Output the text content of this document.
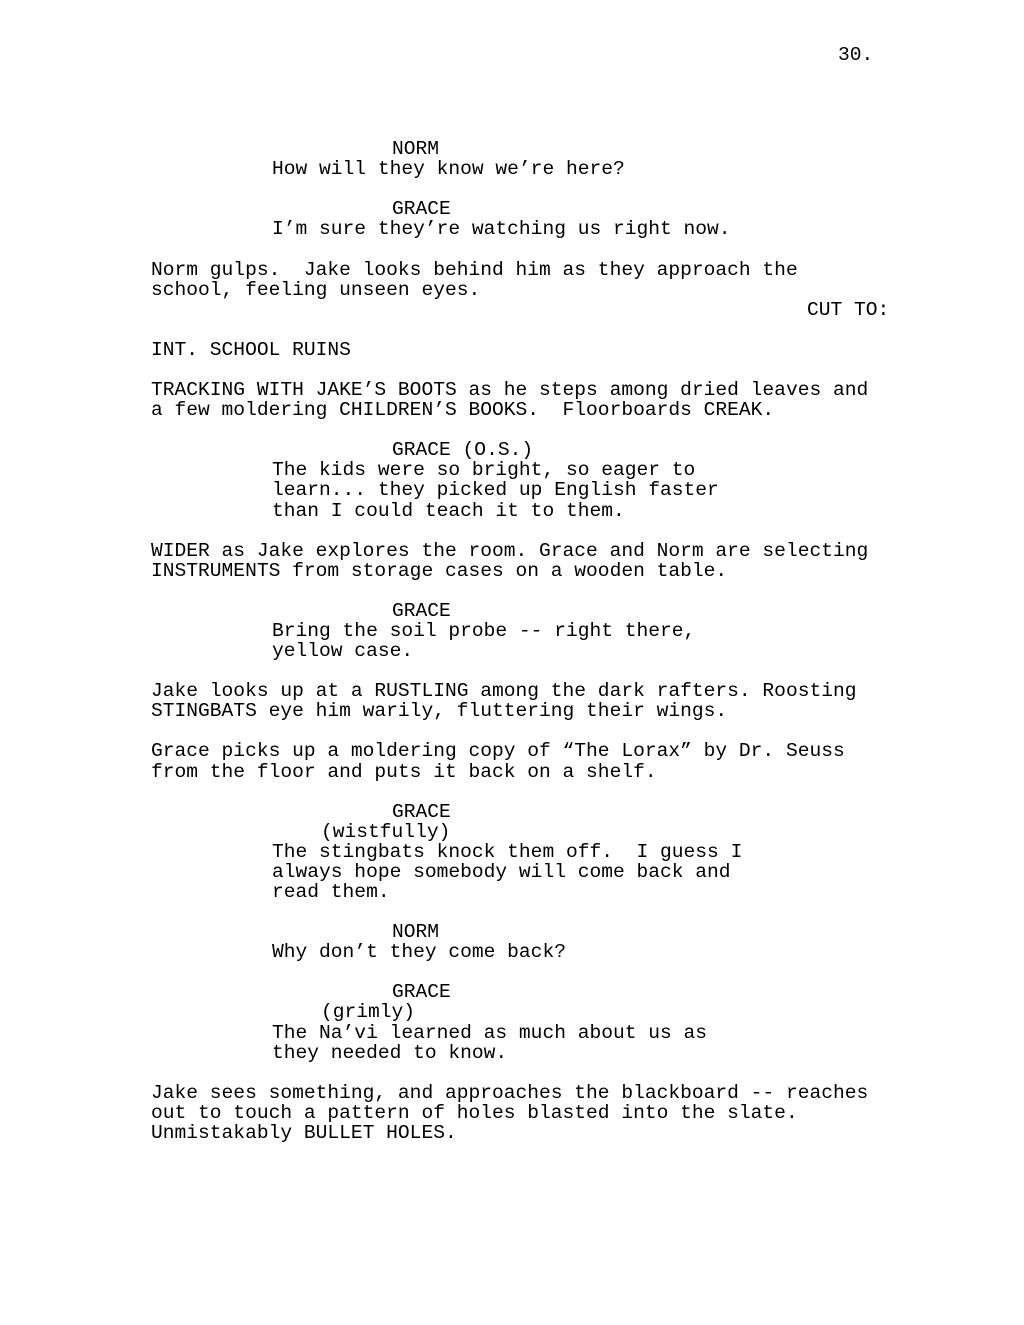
30.
NORM
How will they know we’re here?
GRACE
I’m sure they’re watching us right now.
Norm gulps.  Jake looks behind him as they approach the
school, feeling unseen eyes.
CUT TO:
INT. SCHOOL RUINS
TRACKING WITH JAKE’S BOOTS as he steps among dried leaves and
a few moldering CHILDREN’S BOOKS.  Floorboards CREAK.
GRACE (O.S.)
The kids were so bright, so eager to
learn... they picked up English faster
than I could teach it to them.
WIDER as Jake explores the room. Grace and Norm are selecting
INSTRUMENTS from storage cases on a wooden table.
GRACE
Bring the soil probe -- right there,
yellow case.
Jake looks up at a RUSTLING among the dark rafters. Roosting
STINGBATS eye him warily, fluttering their wings.
Grace picks up a moldering copy of “The Lorax” by Dr. Seuss
from the floor and puts it back on a shelf.
GRACE
(wistfully)
The stingbats knock them off.  I guess I
always hope somebody will come back and
read them.
NORM
Why don’t they come back?
GRACE
(grimly)
The Na’vi learned as much about us as
they needed to know.
Jake sees something, and approaches the blackboard -- reaches
out to touch a pattern of holes blasted into the slate.
Unmistakably BULLET HOLES.
